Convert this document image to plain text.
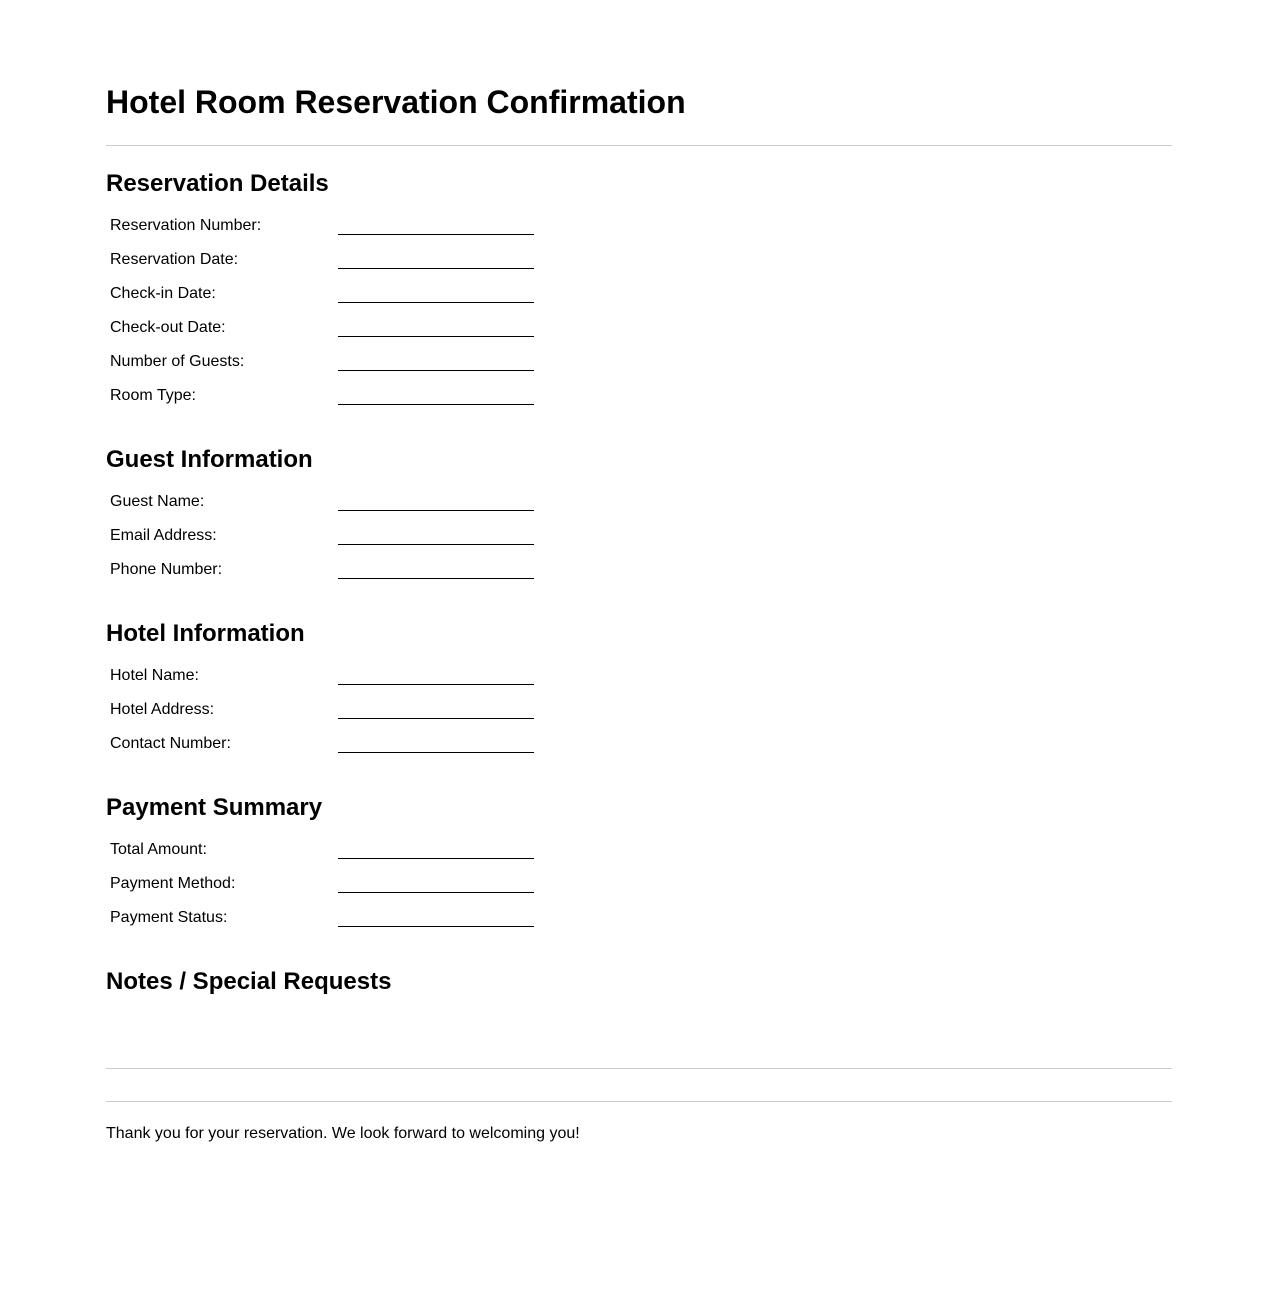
Hotel Room Reservation Confirmation
Reservation Details
Reservation Number:
Reservation Date:
Check-in Date:
Check-out Date:
Number of Guests:
Room Type:
Guest Information
Guest Name:
Email Address:
Phone Number:
Hotel Information
Hotel Name:
Hotel Address:
Contact Number:
Payment Summary
Total Amount:
Payment Method:
Payment Status:
Notes / Special Requests

Thank you for your reservation. We look forward to welcoming you!
